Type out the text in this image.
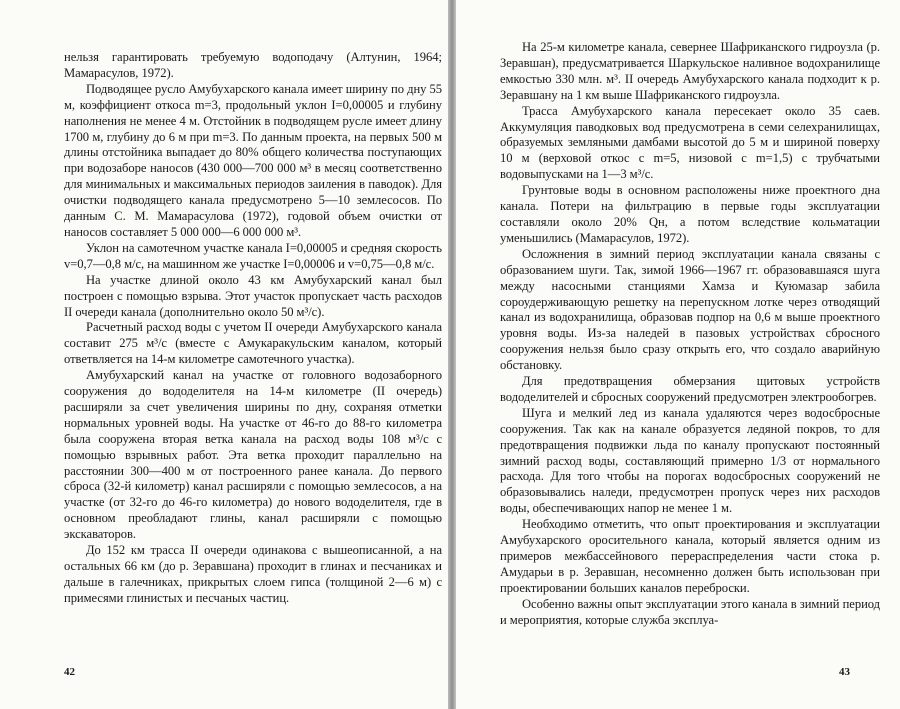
нельзя гарантировать требуемую водоподачу (Алтунин, 1964; Мамарасулов, 1972).

Подводящее русло Амубухарского канала имеет ширину по дну 55 м, коэффициент откоса m=3, продольный уклон I=0,00005 и глубину наполнения не менее 4 м. Отстойник в подводящем русле имеет длину 1700 м, глубину до 6 м при m=3. По данным проекта, на первых 500 м длины отстойника выпадает до 80% общего количества поступающих при водозаборе наносов (430 000—700 000 м³ в месяц соответственно для минимальных и максимальных периодов заиления в паводок). Для очистки подводящего канала предусмотрено 5—10 землесосов. По данным С. М. Мамарасулова (1972), годовой объем очистки от наносов составляет 5 000 000—6 000 000 м³.

Уклон на самотечном участке канала I=0,00005 и средняя скорость v=0,7—0,8 м/с, на машинном же участке I=0,00006 и v=0,75—0,8 м/с.

На участке длиной около 43 км Амубухарский канал был построен с помощью взрыва. Этот участок пропускает часть расходов II очереди канала (дополнительно около 50 м³/с).

Расчетный расход воды с учетом II очереди Амубухарского канала составит 275 м³/с (вместе с Амукаракульским каналом, который ответвляется на 14-м километре самотечного участка).

Амубухарский канал на участке от головного водозаборного сооружения до вододелителя на 14-м километре (II очередь) расширяли за счет увеличения ширины по дну, сохраняя отметки нормальных уровней воды. На участке от 46-го до 88-го километра была сооружена вторая ветка канала на расход воды 108 м³/с с помощью взрывных работ. Эта ветка проходит параллельно на расстоянии 300—400 м от построенного ранее канала. До первого сброса (32-й километр) канал расширяли с помощью землесосов, а на участке (от 32-го до 46-го километра) до нового вододелителя, где в основном преобладают глины, канал расширяли с помощью экскаваторов.

До 152 км трасса II очереди одинакова с вышеописанной, а на остальных 66 км (до р. Зеравшана) проходит в глинах и песчаниках и дальше в галечниках, прикрытых слоем гипса (толщиной 2—6 м) с примесями глинистых и песчаных частиц.

42

На 25-м километре канала, севернее Шафриканского гидроузла (р. Зеравшан), предусматривается Шаркульское наливное водохранилище емкостью 330 млн. м³. II очередь Амубухарского канала подходит к р. Зеравшану на 1 км выше Шафриканского гидроузла.

Трасса Амубухарского канала пересекает около 35 саев. Аккумуляция паводковых вод предусмотрена в семи селехранилищах, образуемых земляными дамбами высотой до 5 м и шириной поверху 10 м (верховой откос с m=5, низовой с m=1,5) с трубчатыми водовыпусками на 1—3 м³/с.

Грунтовые воды в основном расположены ниже проектного дна канала. Потери на фильтрацию в первые годы эксплуатации составляли около 20% Qн, а потом вследствие кольматации уменьшились (Мамарасулов, 1972).

Осложнения в зимний период эксплуатации канала связаны с образованием шуги. Так, зимой 1966—1967 гг. образовавшаяся шуга между насосными станциями Хамза и Куюмазар забила сороудерживающую решетку на перепускном лотке через отводящий канал из водохранилища, образовав подпор на 0,6 м выше проектного уровня воды. Из-за наледей в пазовых устройствах сбросного сооружения нельзя было сразу открыть его, что создало аварийную обстановку.

Для предотвращения обмерзания щитовых устройств вододелителей и сбросных сооружений предусмотрен электрообогрев.

Шуга и мелкий лед из канала удаляются через водосбросные сооружения. Так как на канале образуется ледяной покров, то для предотвращения подвижки льда по каналу пропускают постоянный зимний расход воды, составляющий примерно 1/3 от нормального расхода. Для того чтобы на порогах водосбросных сооружений не образовывались наледи, предусмотрен пропуск через них расходов воды, обеспечивающих напор не менее 1 м.

Необходимо отметить, что опыт проектирования и эксплуатации Амубухарского оросительного канала, который является одним из примеров межбассейнового перераспределения части стока р. Амударьи в р. Зеравшан, несомненно должен быть использован при проектировании больших каналов переброски.

Особенно важны опыт эксплуатации этого канала в зимний период и мероприятия, которые служба эксплуа-

43
